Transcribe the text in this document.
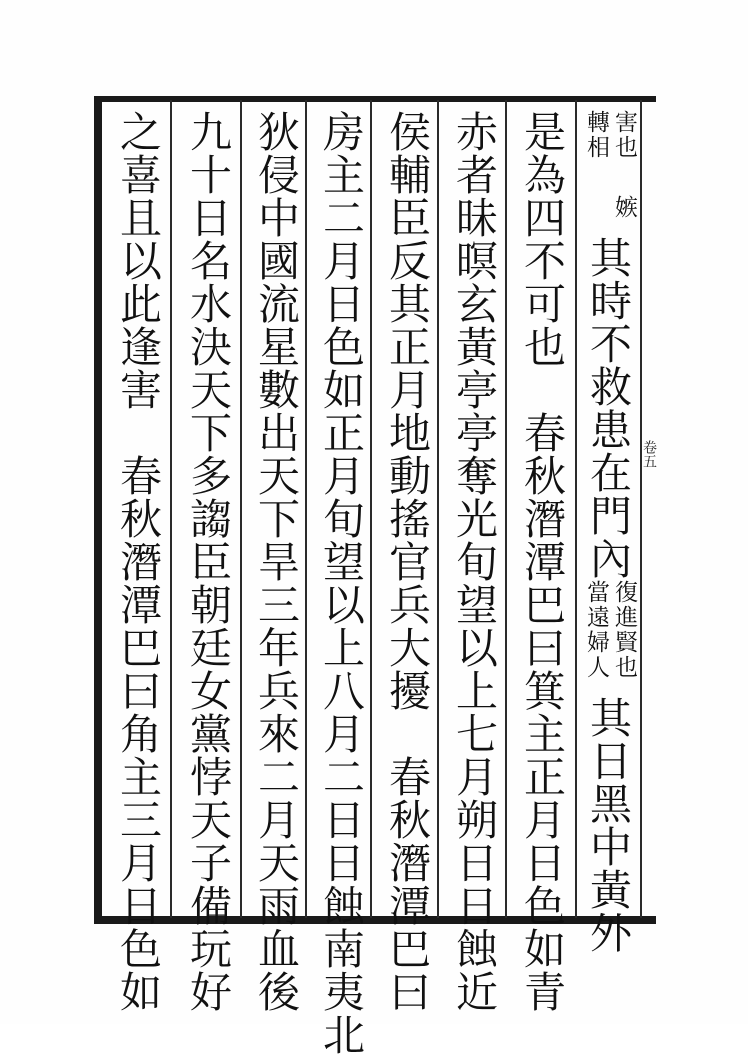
卷五
轉相害也嫉其時不救患在門內當遠婦人復進賢也其日黑中黃外
是為四不可也　春秋潛潭巴曰箕主正月日色如青
赤者昧暝玄黃亭亭奪光旬望以上七月朔日日蝕近
侯輔臣反其正月地動搖官兵大擾　春秋潛潭巴曰
房主二月日色如正月旬望以上八月二日日蝕南夷北
狄侵中國流星數出天下旱三年兵來二月天雨血後
九十日名水決天下多謅臣朝廷女黨悖天子備玩好
之喜且以此逢害　春秋潛潭巴曰角主三月日色如
